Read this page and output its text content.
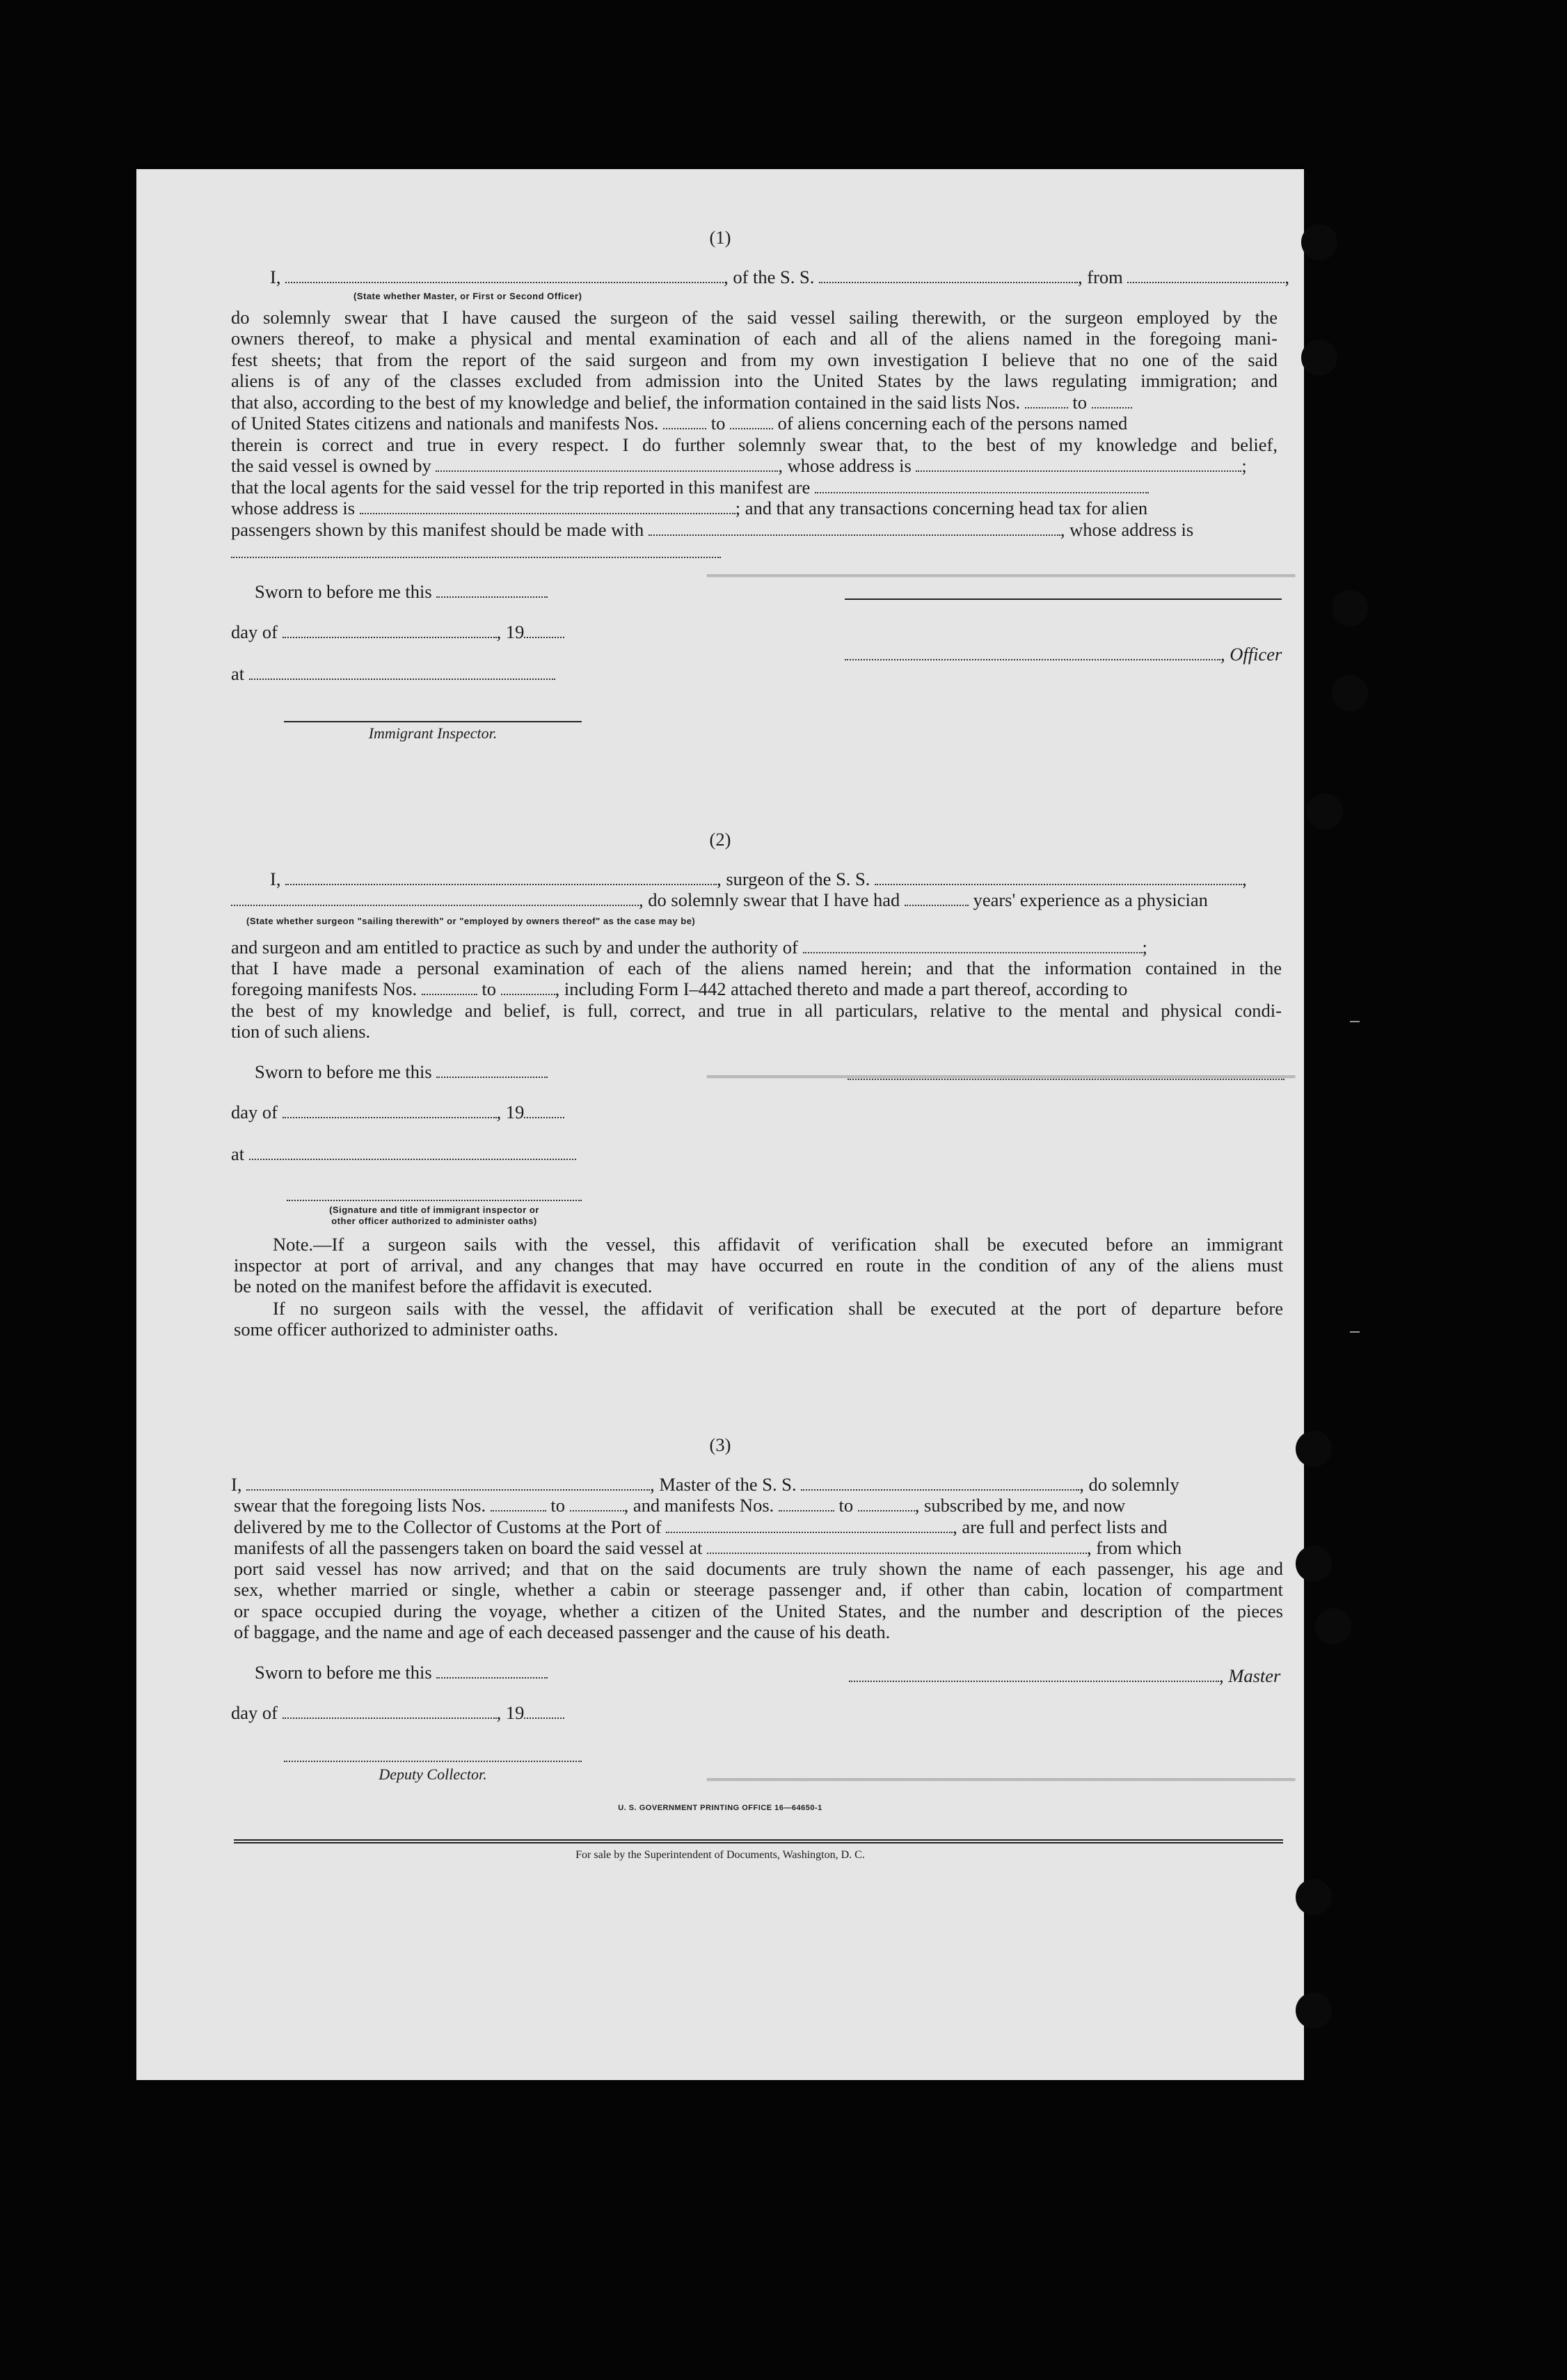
━━━━━━━━━━━━━━━━━━━━━━━━━━━━━━━━━━━━━━━━━━━━━━━━━━━━━━
━━━━━━━━━━━━━━━━━━━━━━━━━━━━━━━━━━━━━━━━━━━━━━━━━━━━━━
━━━━━━━━━━━━━━━━━━━━━━━━━━━━━━━━━━━━━━━━━━━━━━━━━━━━━━
(1)
I,	, of the S. S.	, from	,
(State whether Master, or First or Second Officer)
do solemnly swear that I have caused the surgeon of the said vessel sailing therewith, or the surgeon employed by the
owners thereof, to make a physical and mental examination of each and all of the aliens named in the foregoing mani-
fest sheets; that from the report of the said surgeon and from my own investigation I believe that no one of the said
aliens is of any of the classes excluded from admission into the United States by the laws regulating immigration; and
that also, according to the best of my knowledge and belief, the information contained in the said lists Nos.	to
of United States citizens and nationals and manifests Nos.	to	of aliens concerning each of the persons named
therein is correct and true in every respect. I do further solemnly swear that, to the best of my knowledge and belief,
the said vessel is owned by	, whose address is	;
that the local agents for the said vessel for the trip reported in this manifest are
whose address is	; and that any transactions concerning head tax for alien
passengers shown by this manifest should be made with	, whose address is
Sworn to before me this
day of	, 19
, Officer
at
Immigrant Inspector.
(2)
I,	, surgeon of the S. S.	,
, do solemnly swear that I have had	years' experience as a physician
(State whether surgeon "sailing therewith" or "employed by owners thereof" as the case may be)
and surgeon and am entitled to practice as such by and under the authority of	;
that I have made a personal examination of each of the aliens named herein; and that the information contained in the
foregoing manifests Nos.	to	, including Form I–442 attached thereto and made a part thereof, according to
the best of my knowledge and belief, is full, correct, and true in all particulars, relative to the mental and physical condi-
tion of such aliens.
Sworn to before me this
day of	, 19
at
(Signature and title of immigrant inspector or
other officer authorized to administer oaths)
Note.—If a surgeon sails with the vessel, this affidavit of verification shall be executed before an immigrant
inspector at port of arrival, and any changes that may have occurred en route in the condition of any of the aliens must
be noted on the manifest before the affidavit is executed.
If no surgeon sails with the vessel, the affidavit of verification shall be executed at the port of departure before
some officer authorized to administer oaths.
(3)
I,	, Master of the S. S.	, do solemnly
swear that the foregoing lists Nos.	to	, and manifests Nos.	to	, subscribed by me, and now
delivered by me to the Collector of Customs at the Port of	, are full and perfect lists and
manifests of all the passengers taken on board the said vessel at	, from which
port said vessel has now arrived; and that on the said documents are truly shown the name of each passenger, his age and
sex, whether married or single, whether a cabin or steerage passenger and, if other than cabin, location of compartment
or space occupied during the voyage, whether a citizen of the United States, and the number and description of the pieces
of baggage, and the name and age of each deceased passenger and the cause of his death.
Sworn to before me this	, Master
day of	, 19
Deputy Collector.
U. S. GOVERNMENT PRINTING OFFICE 16—64650-1
For sale by the Superintendent of Documents, Washington, D. C.
